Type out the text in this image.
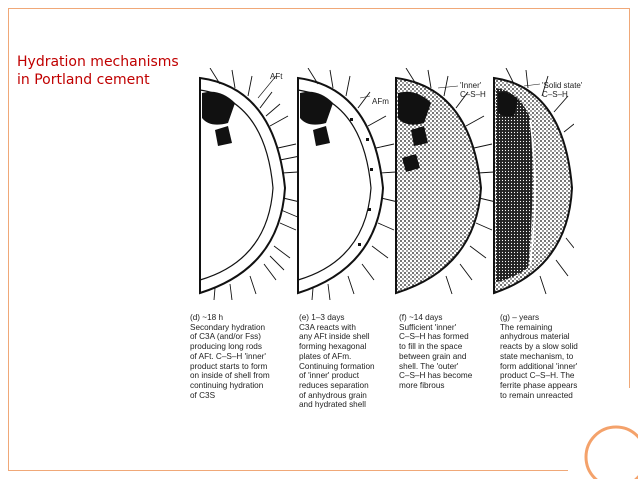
Hydration mechanisms
in Portland cement	AFt
AFm
'Inner'
C–S–H
'Solid state'
C–S–H
(d) ~18 h
Secondary hydration
of C3A (and/or Fss)
producing long rods
of AFt. C–S–H 'inner'
product starts to form
on inside of shell from
continuing hydration
of C3S
(e) 1–3 days
C3A reacts with
any AFt inside shell
forming hexagonal
plates of AFm.
Continuing formation
of 'inner' product
reduces separation
of anhydrous grain
and hydrated shell
(f) ~14 days
Sufficient 'inner'
C–S–H has formed
to fill in the space
between grain and
shell. The 'outer'
C–S–H has become
more fibrous
(g) – years
The remaining
anhydrous material
reacts by a slow solid
state mechanism, to
form additional 'inner'
product C–S–H. The
ferrite phase appears
to remain unreacted
